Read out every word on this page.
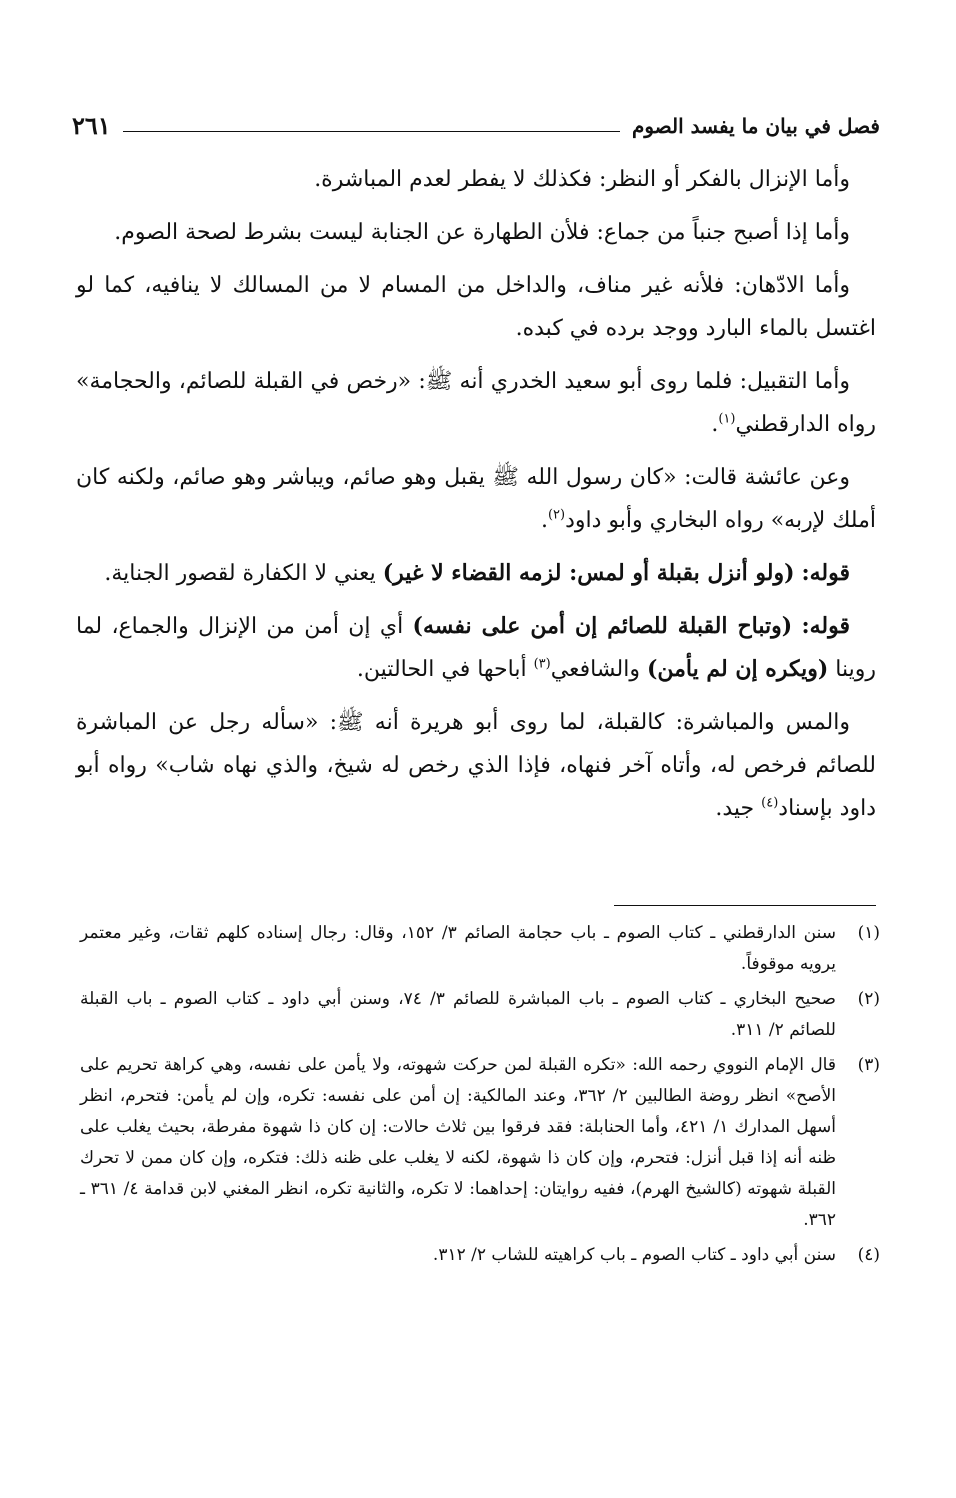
فصل في بيان ما يفسد الصوم
٢٦١

وأما الإنزال بالفكر أو النظر: فكذلك لا يفطر لعدم المباشرة.

وأما إذا أصبح جنباً من جماع: فلأن الطهارة عن الجنابة ليست بشرط لصحة الصوم.

وأما الادّهان: فلأنه غير مناف، والداخل من المسام لا من المسالك لا ينافيه، كما لو اغتسل بالماء البارد ووجد برده في كبده.

وأما التقبيل: فلما روى أبو سعيد الخدري أنه ﷺ: «رخص في القبلة للصائم، والحجامة» رواه الدارقطني$^{(١)}$.

وعن عائشة قالت: «كان رسول الله ﷺ يقبل وهو صائم، ويباشر وهو صائم، ولكنه كان أملك لإربه» رواه البخاري وأبو داود$^{(٢)}$.

قوله: (ولو أنزل بقبلة أو لمس: لزمه القضاء لا غير) يعني لا الكفارة لقصور الجناية.

قوله: (وتباح القبلة للصائم إن أمن على نفسه) أي إن أمن من الإنزال والجماع، لما روينا (ويكره إن لم يأمن) والشافعي$^{(٣)}$ أباحها في الحالتين.

والمس والمباشرة: كالقبلة، لما روى أبو هريرة أنه ﷺ: «سأله رجل عن المباشرة للصائم فرخص له، وأتاه آخر فنهاه، فإذا الذي رخص له شيخ، والذي نهاه شاب» رواه أبو داود بإسناد$^{(٤)}$ جيد.

(١)
سنن الدارقطني ـ كتاب الصوم ـ باب حجامة الصائم ٣/ ١٥٢، وقال: رجال إسناده كلهم ثقات، وغير معتمر يرويه موقوفاً.
(٢)
صحيح البخاري ـ كتاب الصوم ـ باب المباشرة للصائم ٣/ ٧٤، وسنن أبي داود ـ كتاب الصوم ـ باب القبلة للصائم ٢/ ٣١١.
(٣)
قال الإمام النووي رحمه الله: «تكره القبلة لمن حركت شهوته، ولا يأمن على نفسه، وهي كراهة تحريم على الأصح» انظر روضة الطالبين ٢/ ٣٦٢، وعند المالكية: إن أمن على نفسه: تكره، وإن لم يأمن: فتحرم، انظر أسهل المدارك ١/ ٤٢١، وأما الحنابلة: فقد فرقوا بين ثلاث حالات: إن كان ذا شهوة مفرطة، بحيث يغلب على ظنه أنه إذا قبل أنزل: فتحرم، وإن كان ذا شهوة، لكنه لا يغلب على ظنه ذلك: فتكره، وإن كان ممن لا تحرك القبلة شهوته (كالشيخ الهرم)، ففيه روايتان: إحداهما: لا تكره، والثانية تكره، انظر المغني لابن قدامة ٤/ ٣٦١ ـ ٣٦٢.
(٤)
سنن أبي داود ـ كتاب الصوم ـ باب كراهيته للشاب ٢/ ٣١٢.
